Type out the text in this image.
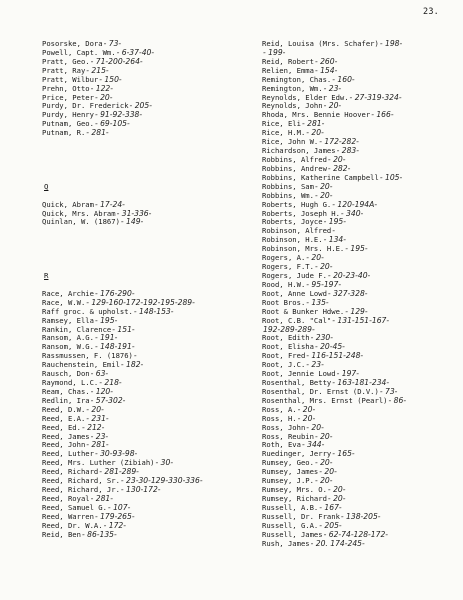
23.
Posorske, Dora- 73-
Powell, Capt. Wm.- 6-37-40-
Pratt, Geo.- 71-200-264-
Pratt, Ray- 215-
Pratt, Wilbur- 150-
Prehn, Otto- 122-
Price, Peter- 20-
Purdy, Dr. Frederick- 205-
Purdy, Henry- 91-92-338-
Putnam, Geo.- 69-105-
Putnam, R.- 281-
Q
Quick, Abram- 17-24-
Quick, Mrs. Abram- 31-336-
Quinlan, W. (1867)- 149-
R
Race, Archie- 176-290-
Race, W.W.- 129-160-172-192-195-289-
Raff groc. & upholst.- 148-153-
Ramsey, Ella- 195-
Rankin, Clarence- 151-
Ransom, A.G.- 191-
Ransom, W.G.- 148-191-
Rassmussen, F. (1876)-
Rauchenstein, Emil- 182-
Rausch, Don- 63-
Raymond, L.C.- 218-
Ream, Chas.- 120-
Redlin, Ira- 57-302-
Reed, D.W.- 20-
Reed, E.A.- 231-
Reed, Ed.- 212-
Reed, James- 23-
Reed, John- 281-
Reed, Luther- 30-93-98-
Reed, Mrs. Luther (Zibiah)- 30-
Reed, Richard- 281-289-
Reed, Richard, Sr.- 23-30-129-330-336-
Reed, Richard, Jr.- 130-172-
Reed, Royal- 281-
Reed, Samuel G.- 107-
Reed, Warren- 179-265-
Reed, Dr. W.A.- 172-
Reid, Ben- 86-135-
Reid, Louisa (Mrs. Schafer)- 198-
- 199-
Reid, Robert- 260-
Relien, Emma- 154-
Remington, Chas.- 160-
Remington, Wm.- 23-
Reynolds, Elder Edw.- 27-319-324-
Reynolds, John- 20-
Rhoda, Mrs. Bennie Hoover- 166-
Rice, Eli- 281-
Rice, H.M.- 20-
Rice, John W.- 172-282-
Richardson, James- 283-
Robbins, Alfred- 20-
Robbins, Andrew- 282-
Robbins, Katherine Campbell- 105-
Robbins, Sam- 20-
Robbins, Wm.- 20-
Roberts, Hugh G.- 120-194A-
Roberts, Joseph H.- 340-
Roberts, Joyce- 195-
Robinson, Alfred-
Robinson, H.E.- 134-
Robinson, Mrs. H.E.- 195-
Rogers, A.- 20-
Rogers, F.T.- 20-
Rogers, Jude F.- 20-23-40-
Rood, H.W.- 95-197-
Root, Anne Lowd- 327-328-
Root Bros.- 135-
Root & Bunker Hdwe.- 129-
Root, C.B. "Cal"- 131-151-167-
192-289-289-
Root, Edith- 230-
Root, Elisha- 20-45-
Root, Fred- 116-151-248-
Root, J.C.- 23-
Root, Jennie Lowd- 197-
Rosenthal, Betty- 163-181-234-
Rosenthal, Dr. Ernst (D.V.)- 73-
Rosenthal, Mrs. Ernst (Pearl)- 86-
Ross, A.- 20-
Ross, H.- 20-
Ross, John- 20-
Ross, Reubin- 20-
Roth, Eva- 344-
Ruedinger, Jerry- 165-
Rumsey, Geo.- 20-
Rumsey, James- 20-
Rumsey, J.P.- 20-
Rumsey, Mrs. O.- 20-
Rumsey, Richard- 20-
Russell, A.B.- 167-
Russell, Dr. Frank- 138-205-
Russell, G.A.- 205-
Russell, James- 62-74-128-172-
Rush, James- 20. 174-245-
